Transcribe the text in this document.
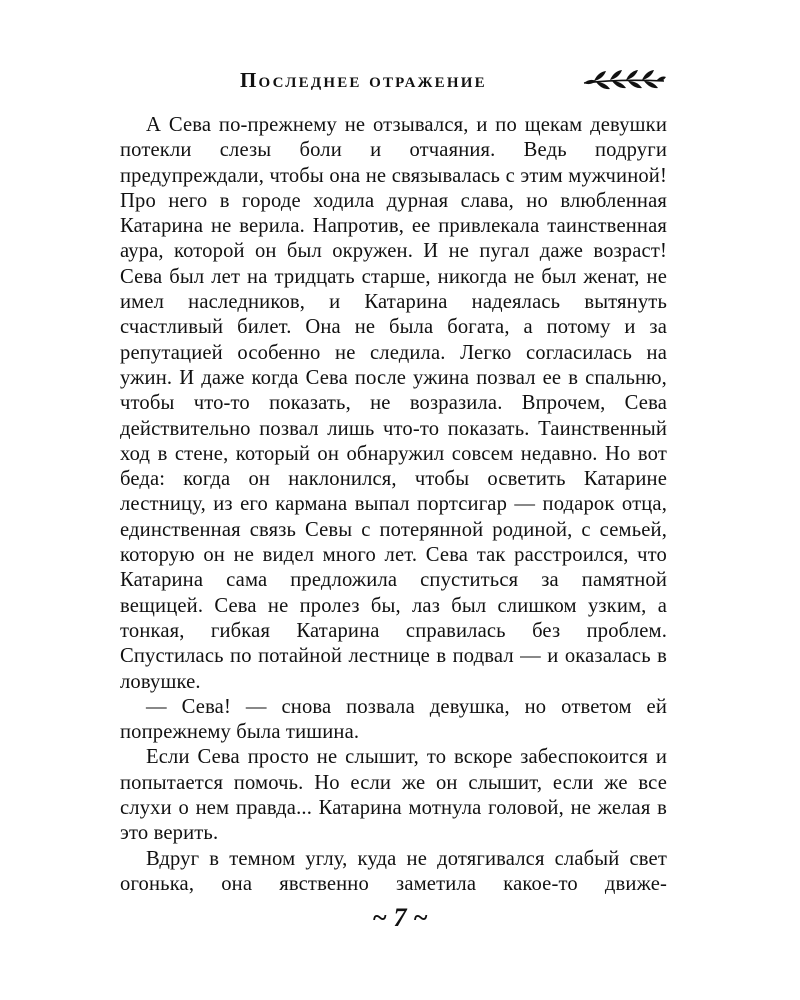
Последнее отражение

А Сева по-прежнему не отзывался, и по щекам девушки потекли слезы боли и отчаяния. Ведь подруги предупреждали, чтобы она не связывалась с этим мужчиной! Про него в городе ходила дурная слава, но влюбленная Катарина не верила. Напротив, ее привлекала таинственная аура, которой он был окружен. И не пугал даже возраст! Сева был лет на тридцать старше, никогда не был женат, не имел наследников, и Катарина надеялась вытянуть счастливый билет. Она не была богата, а потому и за репутацией особенно не следила. Легко согласилась на ужин. И даже когда Сева после ужина позвал ее в спальню, чтобы что-то показать, не возразила. Впрочем, Сева действительно позвал лишь что-то показать. Таинственный ход в стене, который он обнаружил совсем недавно. Но вот беда: когда он наклонился, чтобы осветить Катарине лестницу, из его кармана выпал портсигар — подарок отца, единственная связь Севы с потерянной родиной, с семьей, которую он не видел много лет. Сева так расстроился, что Катарина сама предложила спуститься за памятной вещицей. Сева не пролез бы, лаз был слишком узким, а тонкая, гибкая Катарина справилась без проблем. Спустилась по потайной лестнице в подвал — и оказалась в ловушке.

— Сева! — снова позвала девушка, но ответом ей попрежнему была тишина.

Если Сева просто не слышит, то вскоре забеспокоится и попытается помочь. Но если же он слышит, если же все слухи о нем правда... Катарина мотнула головой, не желая в это верить.

Вдруг в темном углу, куда не дотягивался слабый свет огонька, она явственно заметила какое-то движе-

~ 7 ~
